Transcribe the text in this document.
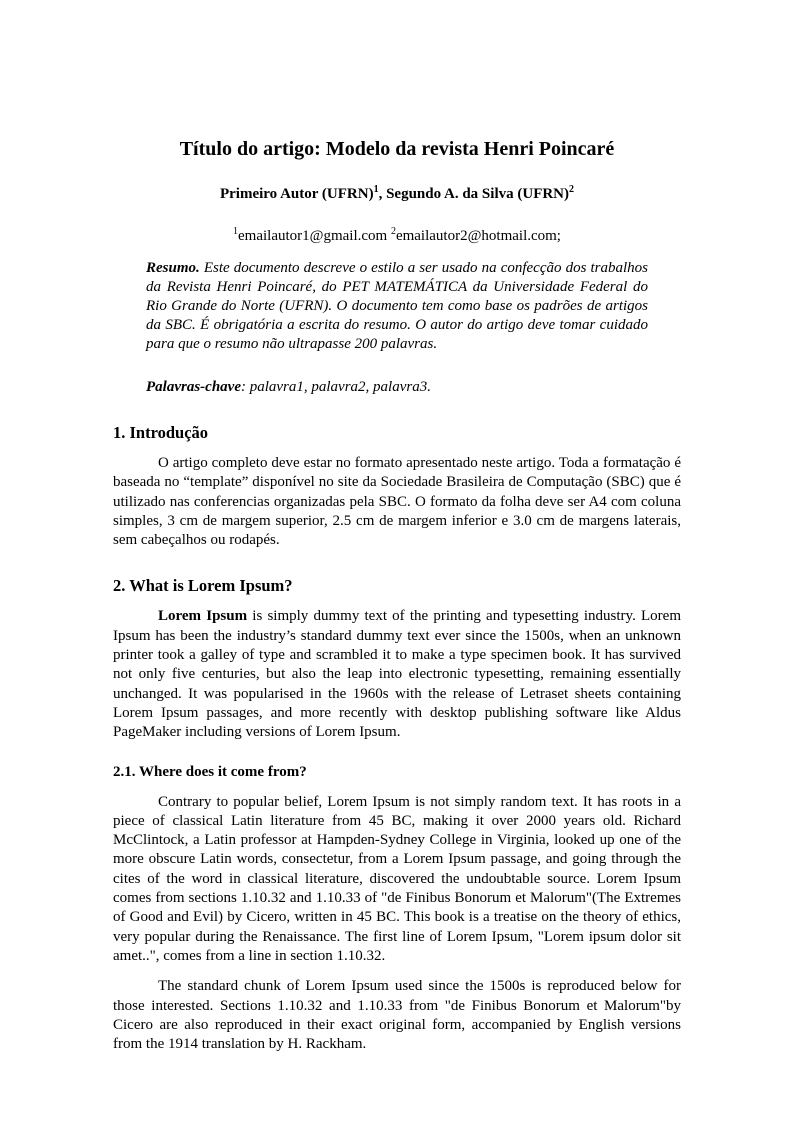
Título do artigo: Modelo da revista Henri Poincaré
Primeiro Autor (UFRN)$^1$, Segundo A. da Silva (UFRN)$^2$
$^1$emailautor1@gmail.com $^2$emailautor2@hotmail.com;
Resumo. Este documento descreve o estilo a ser usado na confecção dos trabalhos da Revista Henri Poincaré, do PET MATEMÁTICA da Universidade Federal do Rio Grande do Norte (UFRN). O documento tem como base os padrões de artigos da SBC. É obrigatória a escrita do resumo. O autor do artigo deve tomar cuidado para que o resumo não ultrapasse 200 palavras.
Palavras-chave: palavra1, palavra2, palavra3.
1. Introdução

O artigo completo deve estar no formato apresentado neste artigo. Toda a formatação é baseada no “template” disponível no site da Sociedade Brasileira de Computação (SBC) que é utilizado nas conferencias organizadas pela SBC. O formato da folha deve ser A4 com coluna simples, 3 cm de margem superior, 2.5 cm de margem inferior e 3.0 cm de margens laterais, sem cabeçalhos ou rodapés.

2. What is Lorem Ipsum?

Lorem Ipsum is simply dummy text of the printing and typesetting industry. Lorem Ipsum has been the industry’s standard dummy text ever since the 1500s, when an unknown printer took a galley of type and scrambled it to make a type specimen book. It has survived not only five centuries, but also the leap into electronic typesetting, remaining essentially unchanged. It was popularised in the 1960s with the release of Letraset sheets containing Lorem Ipsum passages, and more recently with desktop publishing software like Aldus PageMaker including versions of Lorem Ipsum.

2.1. Where does it come from?

Contrary to popular belief, Lorem Ipsum is not simply random text. It has roots in a piece of classical Latin literature from 45 BC, making it over 2000 years old. Richard McClintock, a Latin professor at Hampden-Sydney College in Virginia, looked up one of the more obscure Latin words, consectetur, from a Lorem Ipsum passage, and going through the cites of the word in classical literature, discovered the undoubtable source. Lorem Ipsum comes from sections 1.10.32 and 1.10.33 of "de Finibus Bonorum et Malorum"(The Extremes of Good and Evil) by Cicero, written in 45 BC. This book is a treatise on the theory of ethics, very popular during the Renaissance. The first line of Lorem Ipsum, "Lorem ipsum dolor sit amet..", comes from a line in section 1.10.32.

The standard chunk of Lorem Ipsum used since the 1500s is reproduced below for those interested. Sections 1.10.32 and 1.10.33 from "de Finibus Bonorum et Malorum"by Cicero are also reproduced in their exact original form, accompanied by English versions from the 1914 translation by H. Rackham.
